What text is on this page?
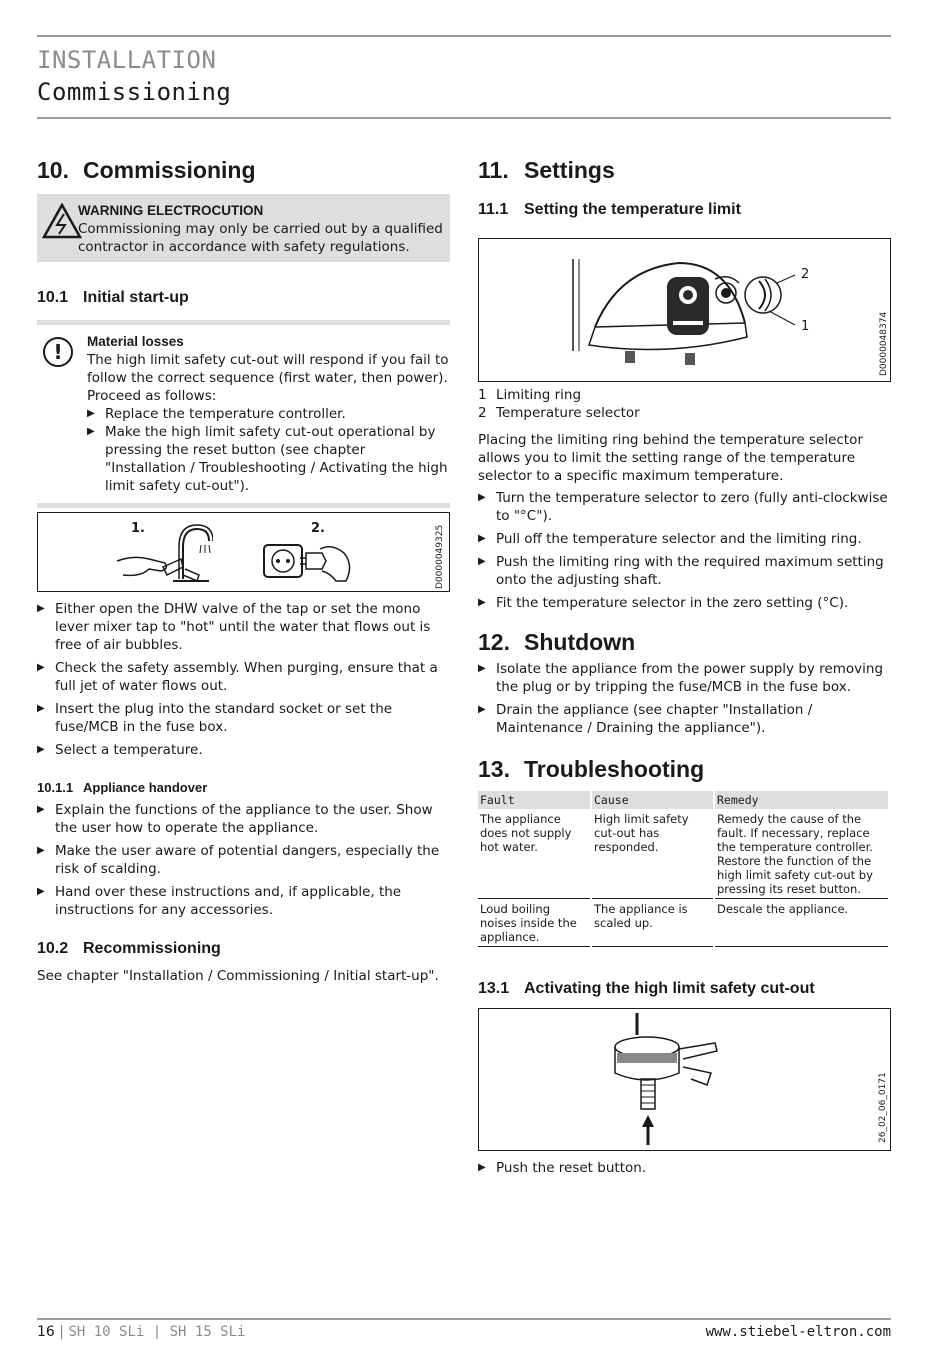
INSTALLATION
Commissioning
10. Commissioning
WARNING ELECTROCUTION

Commissioning may only be carried out by a qualified contractor in accordance with safety regulations.

10.1 Initial start-up
!	Material losses

The high limit safety cut-out will respond if you fail to follow the correct sequence (first water, then power). Proceed as follows:

▶ Replace the temperature controller.
▶ Make the high limit safety cut-out operational by pressing the reset button (see chapter "Installation / Troubleshooting / Activating the high limit safety cut-out").
1.	2.	D0000049325
▶ Either open the DHW valve of the tap or set the mono lever mixer tap to "hot" until the water that flows out is free of air bubbles.
▶ Check the safety assembly. When purging, ensure that a full jet of water flows out.
▶ Insert the plug into the standard socket or set the fuse/MCB in the fuse box.
▶ Select a temperature.
10.1.1 Appliance handover
▶ Explain the functions of the appliance to the user. Show the user how to operate the appliance.
▶ Make the user aware of potential dangers, especially the risk of scalding.
▶ Hand over these instructions and, if applicable, the instructions for any accessories.
10.2 Recommissioning

See chapter "Installation / Commissioning / Initial start-up".

11. Settings
11.1 Setting the temperature limit
2
1	D0000048374
1 Limiting ring
2 Temperature selector

Placing the limiting ring behind the temperature selector allows you to limit the setting range of the temperature selector to a specific maximum temperature.

▶ Turn the temperature selector to zero (fully anti-clockwise to "°C").
▶ Pull off the temperature selector and the limiting ring.
▶ Push the limiting ring with the required maximum setting onto the adjusting shaft.
▶ Fit the temperature selector in the zero setting (°C).
12. Shutdown
▶ Isolate the appliance from the power supply by removing the plug or by tripping the fuse/MCB in the fuse box.
▶ Drain the appliance (see chapter "Installation / Maintenance / Draining the appliance").
13. Troubleshooting
Fault	Cause	Remedy
The appliance does not supply hot water.	High limit safety cut-out has responded.	Remedy the cause of the fault. If necessary, replace the temperature controller. Restore the function of the high limit safety cut-out by pressing its reset button.
Loud boiling noises inside the appliance.	The appliance is scaled up.	Descale the appliance.
13.1 Activating the high limit safety cut-out
26_02_06_0171
▶ Push the reset button.
16 | SH 10 SLi | SH 15 SLi	www.stiebel-eltron.com
